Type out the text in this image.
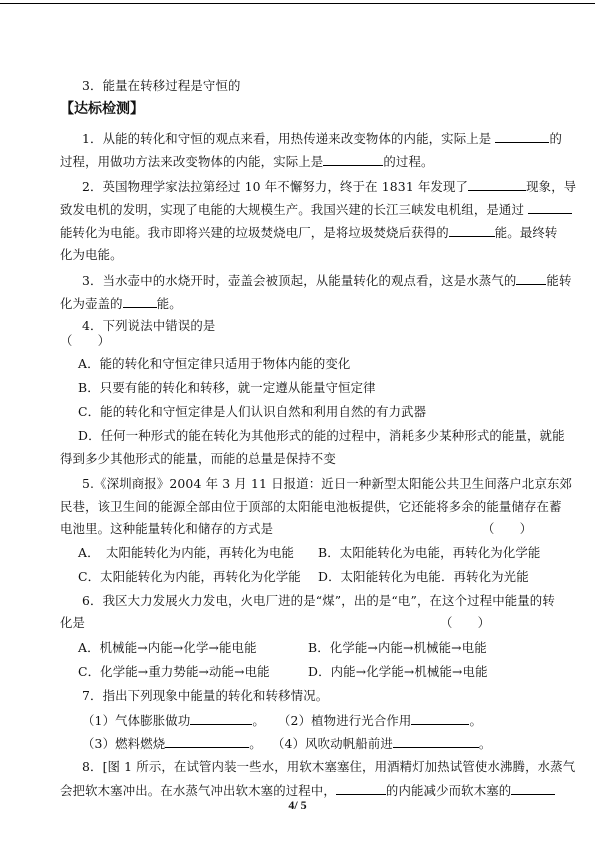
3．能量在转移过程是守恒的
【达标检测】
1．从能的转化和守恒的观点来看，用热传递来改变物体的内能，实际上是	的
过程，用做功方法来改变物体的内能，实际上是	的过程。
2．英国物理学家法拉第经过 10 年不懈努力，终于在 1831 年发现了	现象，导
致发电机的发明，实现了电能的大规模生产。我国兴建的长江三峡发电机组，是通过
能转化为电能。我市即将兴建的垃圾焚烧电厂，是将垃圾焚烧后获得的	能。最终转
化为电能。
3．当水壶中的水烧开时，壶盖会被顶起，从能量转化的观点看，这是水蒸气的 能转
化为壶盖的	能。
4．下列说法中错误的是
（　　）
A．能的转化和守恒定律只适用于物体内能的变化
B．只要有能的转化和转移，就一定遵从能量守恒定律
C．能的转化和守恒定律是人们认识自然和利用自然的有力武器
D．任何一种形式的能在转化为其他形式的能的过程中，消耗多少某种形式的能量，就能
得到多少其他形式的能量，而能的总量是保持不变
5.《深圳商报》2004 年 3 月 11 日报道：近日一种新型太阳能公共卫生间落户北京东郊
民巷，该卫生间的能源全部由位于顶部的太阳能电池板提供，它还能将多余的能量储存在蓄
电池里。这种能量转化和储存的方式是	（　　）
A．　太阳能转化为内能，再转化为电能 B．太阳能转化为电能，再转化为化学能
C．太阳能转化为内能，再转化为化学能 D．太阳能转化为电能．再转化为光能
6．我区大力发展火力发电，火电厂进的是“煤”，出的是“电”，在这个过程中能量的转
化是	（　　）
A．机械能→内能→化学→能电能	B．化学能→内能→机械能→电能
C．化学能→重力势能→动能→电能	D．内能→化学能→机械能→电能
7．指出下列现象中能量的转化和转移情况。
（1）气体膨胀做功	。 （2）植物进行光合作用	。
（3）燃料燃烧	。 （4）风吹动帆船前进	。
8．[图 1 所示，在试管内装一些水，用软木塞塞住，用酒精灯加热试管使水沸腾，水蒸气
会把软木塞冲出。在水蒸气冲出软木塞的过程中，	的内能减少而软木塞的
4/ 5
